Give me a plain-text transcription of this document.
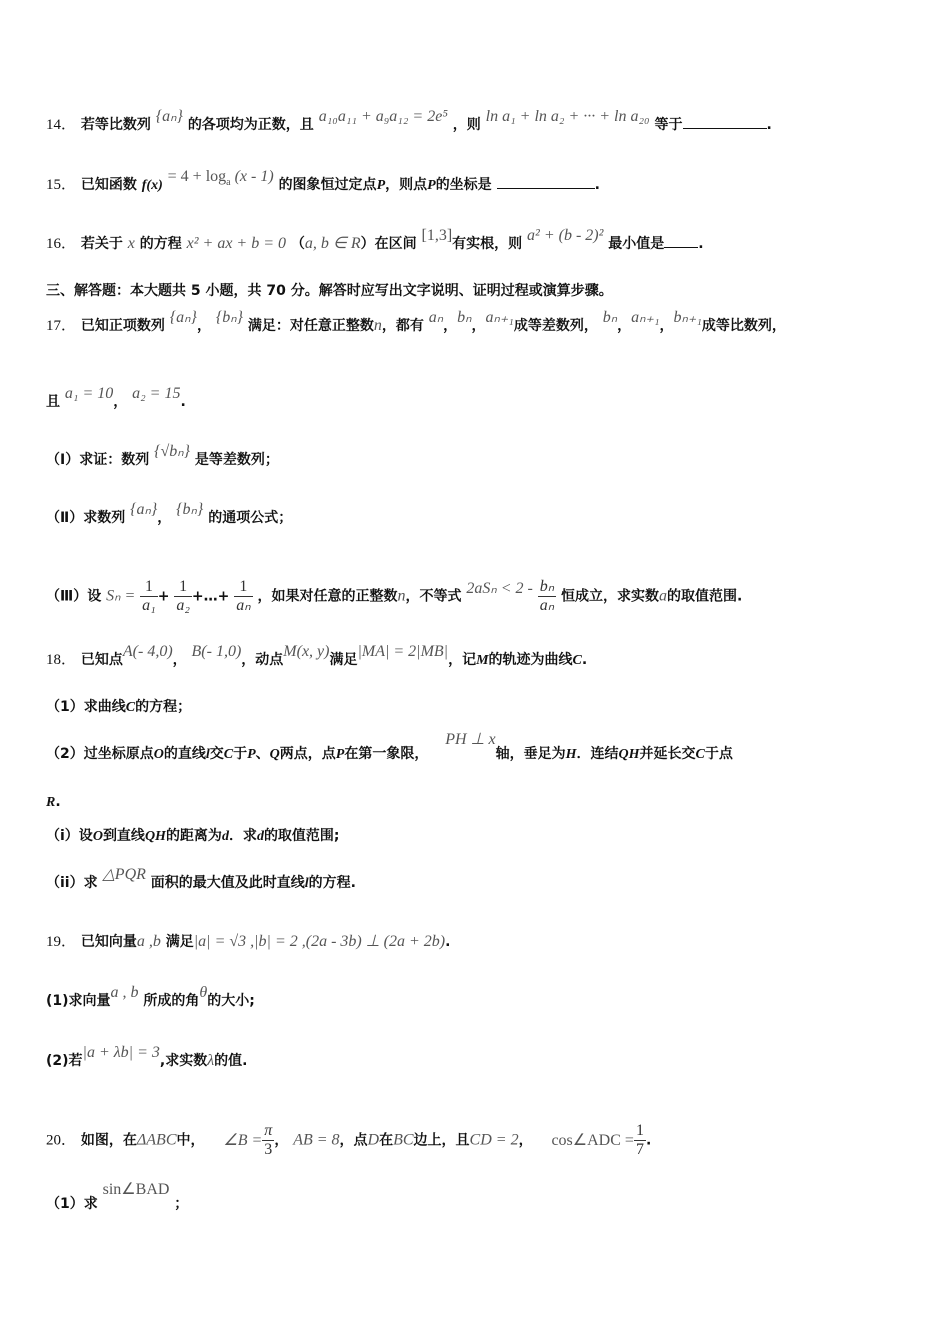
14． 若等比数列 {aₙ} 的各项均为正数，且 a₁₀a₁₁ + a₉a₁₂ = 2e⁵ ，则 ln a₁ + ln a₂ + ··· + ln a₂₀ 等于	.
15． 已知函数 $f(x) = 4 + \log_a (x - 1)$ 的图象恒过定点P，则点P的坐标是	.
16． 若关于 x 的方程 x² + ax + b = 0 （a, b ∈ R）在区间 [1,3]有实根，则 a² + (b - 2)² 最小值是 .
三、解答题：本大题共 5 小题，共 70 分。解答时应写出文字说明、证明过程或演算步骤。
17． 已知正项数列 {aₙ}， {bₙ} 满足：对任意正整数n，都有 aₙ，bₙ，aₙ₊₁成等差数列， bₙ，aₙ₊₁，bₙ₊₁成等比数列，
且 a₁ = 10， a₂ = 15.
（Ⅰ）求证：数列 {√bₙ} 是等差数列；
（Ⅱ）求数列 {aₙ}， {bₙ} 的通项公式；
（Ⅲ）设 $S_n = \frac{1}{\text{a₁}} + \frac{1}{\text{a₂}}$ +…+ $\frac{1}{\text{aₙ}}$ ，如果对任意的正整数n，不等式 $2aS_n < 2 - \frac{\text{bₙ}}{\text{aₙ}}$ 恒成立，求实数a的取值范围.
18． 已知点A(- 4,0)， B(- 1,0)，动点M(x, y)满足|MA| = 2|MB|，记M的轨迹为曲线C.
（1）求曲线C的方程；
（2）过坐标原点O的直线l交C于P、Q两点，点P在第一象限， PH ⊥ x轴，垂足为H．连结QH并延长交C于点
R.
（i）设O到直线QH的距离为d．求d的取值范围;
（ii）求 △PQR 面积的最大值及此时直线l的方程.
19． 已知向量a ,b 满足|a| = √3 ,|b| = 2 ,(2a - 3b) ⊥ (2a + 2b).
(1)求向量a , b 所成的角θ的大小;
(2)若|a + λb| = 3,求实数λ的值.
20． 如图，在ΔABC中， ∠B = $\frac{\pi}{3}$ ， AB = 8，点D在BC边上，且CD = 2， cos∠ADC = $\frac{1}{7}$ .
（1）求 sin∠BAD ；
